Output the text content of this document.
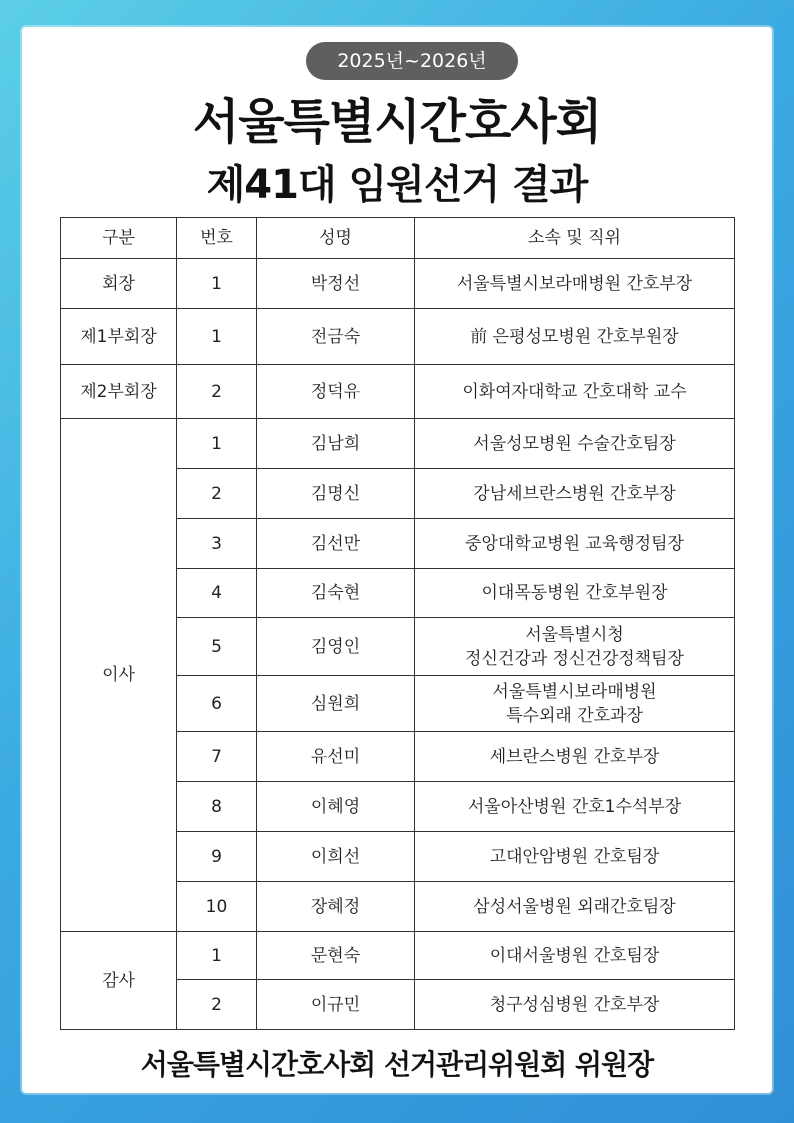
2025년~2026년
서울특별시간호사회
제41대 임원선거 결과
구분	번호	성명	소속 및 직위
회장	1	박정선	서울특별시보라매병원 간호부장

제1부회장	1	전금숙	前 은평성모병원 간호부원장

제2부회장	2	정덕유	이화여자대학교 간호대학 교수

이사	1	김남희	서울성모병원 수술간호팀장

	2	김명신	강남세브란스병원 간호부장

	3	김선만	중앙대학교병원 교육행정팀장

	4	김숙현	이대목동병원 간호부원장

	5	김영인	서울특별시청
정신건강과 정신건강정책팀장

	6	심원희	서울특별시보라매병원
특수외래 간호과장

	7	유선미	세브란스병원 간호부장

	8	이혜영	서울아산병원 간호1수석부장

	9	이희선	고대안암병원 간호팀장

	10	장혜정	삼성서울병원 외래간호팀장

감사	1	문현숙	이대서울병원 간호팀장

	2	이규민	청구성심병원 간호부장
서울특별시간호사회 선거관리위원회 위원장
